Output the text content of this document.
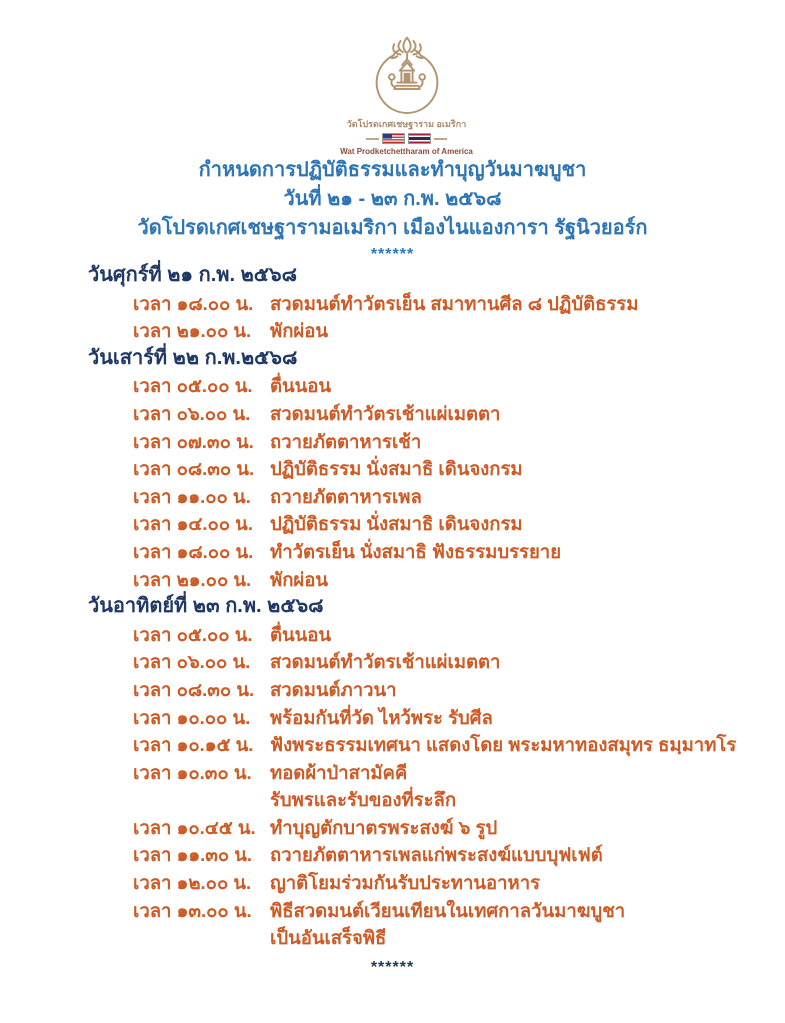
วัดโปรดเกศเชษฐาราม อเมริกา
Wat Prodketchettharam of America
กำหนดการปฏิบัติธรรมและทำบุญวันมาฆบูชา
วันที่ ๒๑ - ๒๓ ก.พ. ๒๕๖๘
วัดโปรดเกศเชษฐารามอเมริกา เมืองไนแองการา รัฐนิวยอร์ก
******
วันศุกร์ที่ ๒๑ ก.พ. ๒๕๖๘
เวลา ๑๘.๐๐ น. สวดมนต์ทำวัตรเย็น สมาทานศีล ๘ ปฏิบัติธรรม
เวลา ๒๑.๐๐ น.	พักผ่อน
วันเสาร์ที่ ๒๒ ก.พ.๒๕๖๘
เวลา ๐๕.๐๐ น. ตื่นนอน
เวลา ๐๖.๐๐ น.	สวดมนต์ทำวัตรเช้าแผ่เมตตา
เวลา ๐๗.๓๐ น. ถวายภัตตาหารเช้า
เวลา ๐๘.๓๐ น. ปฏิบัติธรรม นั่งสมาธิ เดินจงกรม
เวลา ๑๑.๐๐ น.	ถวายภัตตาหารเพล
เวลา ๑๔.๐๐ น. ปฏิบัติธรรม นั่งสมาธิ เดินจงกรม
เวลา ๑๘.๐๐ น. ทำวัตรเย็น นั่งสมาธิ ฟังธรรมบรรยาย
เวลา ๒๑.๐๐ น.	พักผ่อน
วันอาทิตย์ที่ ๒๓ ก.พ. ๒๕๖๘
เวลา ๐๕.๐๐ น. ตื่นนอน
เวลา ๐๖.๐๐ น.	สวดมนต์ทำวัตรเช้าแผ่เมตตา
เวลา ๐๘.๓๐ น. สวดมนต์ภาวนา
เวลา ๑๐.๐๐ น.	พร้อมกันที่วัด ไหว้พระ รับศีล
เวลา ๑๐.๑๕ น. ฟังพระธรรมเทศนา แสดงโดย พระมหาทองสมุทร ธมฺมาทโร
เวลา ๑๐.๓๐ น. ทอดผ้าป่าสามัคคี
รับพรและรับของที่ระลึก
เวลา ๑๐.๔๕ น. ทำบุญตักบาตรพระสงฆ์ ๖ รูป
เวลา ๑๑.๓๐ น. ถวายภัตตาหารเพลแก่พระสงฆ์แบบบุฟเฟต์
เวลา ๑๒.๐๐ น.	ญาติโยมร่วมกันรับประทานอาหาร
เวลา ๑๓.๐๐ น. พิธีสวดมนต์เวียนเทียนในเทศกาลวันมาฆบูชา
เป็นอันเสร็จพิธี
******
